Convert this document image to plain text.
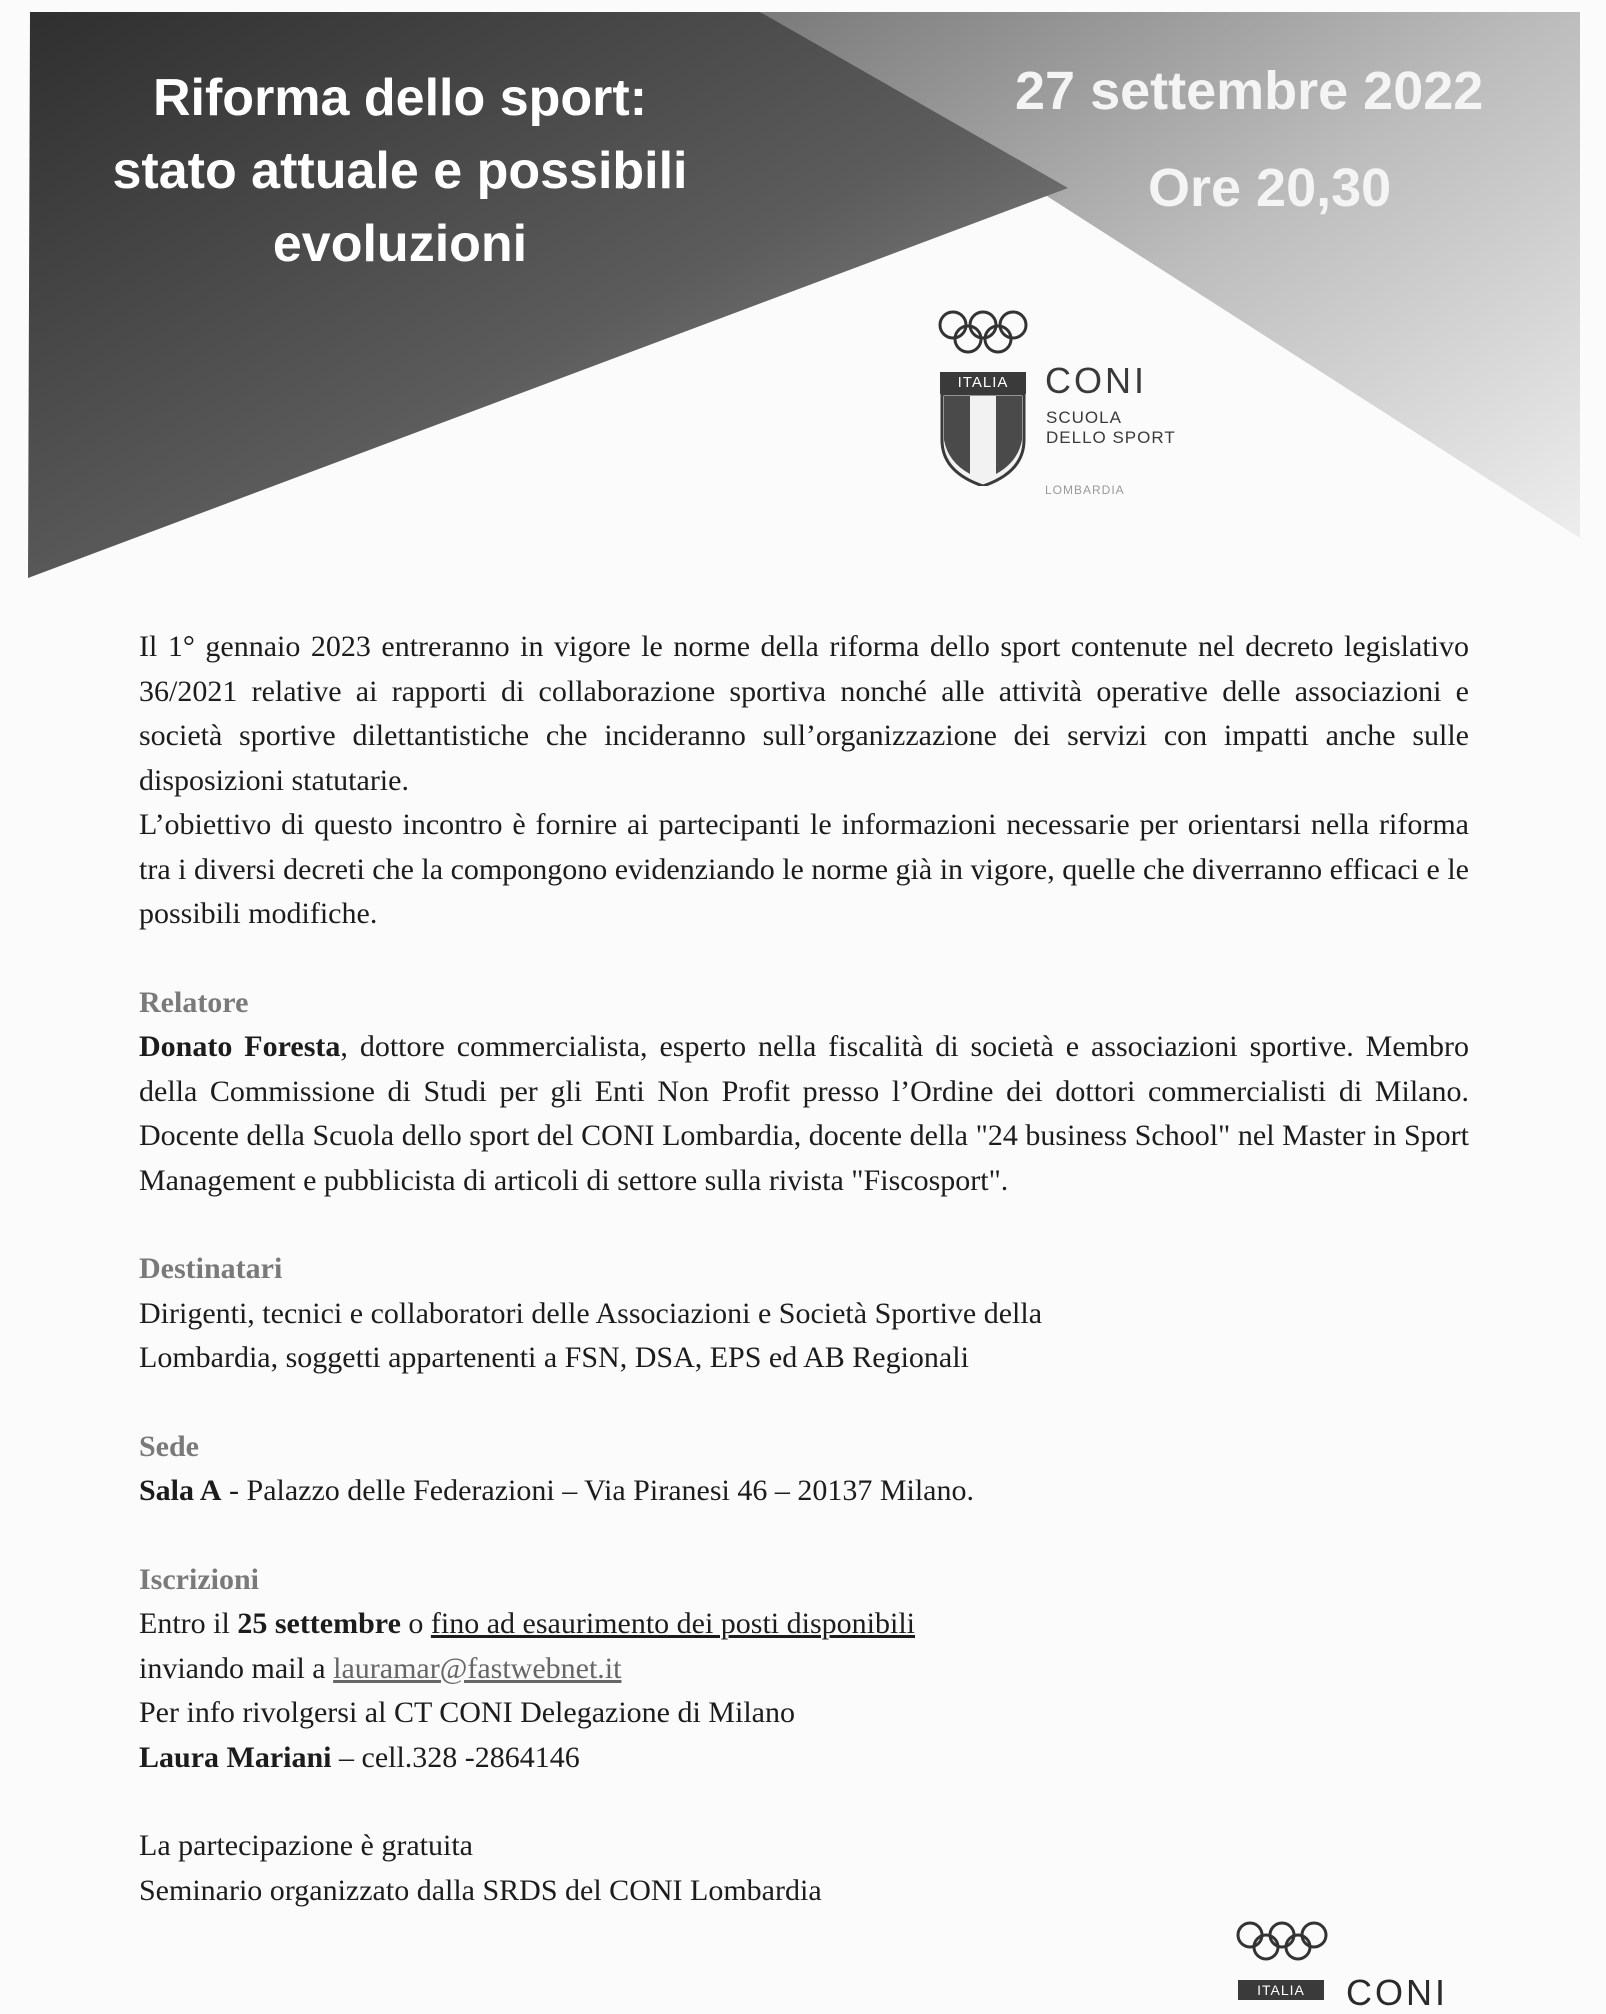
Riforma dello sport:
stato attuale e possibili
evoluzioni
27 settembre 2022
Ore 20,30
ITALIA	CONI
SCUOLA
DELLO SPORT
LOMBARDIA

Il 1° gennaio 2023 entreranno in vigore le norme della riforma dello sport contenute nel decreto legislativo 36/2021 relative ai rapporti di collaborazione sportiva nonché alle attività operative delle associazioni e società sportive dilettantistiche che incideranno sull’organizzazione dei servizi con impatti anche sulle disposizioni statutarie.

L’obiettivo di questo incontro è fornire ai partecipanti le informazioni necessarie per orientarsi nella riforma tra i diversi decreti che la compongono evidenziando le norme già in vigore, quelle che diverranno efficaci e le possibili modifiche.

Relatore

Donato Foresta, dottore commercialista, esperto nella fiscalità di società e associazioni sportive. Membro della Commissione di Studi per gli Enti Non Profit presso l’Ordine dei dottori commercialisti di Milano. Docente della Scuola dello sport del CONI Lombardia, docente della "24 business School" nel Master in Sport Management e pubblicista di articoli di settore sulla rivista "Fiscosport".

Destinatari

Dirigenti, tecnici e collaboratori delle Associazioni e Società Sportive della

Lombardia, soggetti appartenenti a FSN, DSA, EPS ed AB Regionali

Sede

Sala A - Palazzo delle Federazioni – Via Piranesi 46 – 20137 Milano.

Iscrizioni

Entro il 25 settembre o fino ad esaurimento dei posti disponibili

inviando mail a lauramar@fastwebnet.it

Per info rivolgersi al CT CONI Delegazione di Milano

Laura Mariani – cell.328 -2864146

La partecipazione è gratuita

Seminario organizzato dalla SRDS del CONI Lombardia

ITALIA	CONI
